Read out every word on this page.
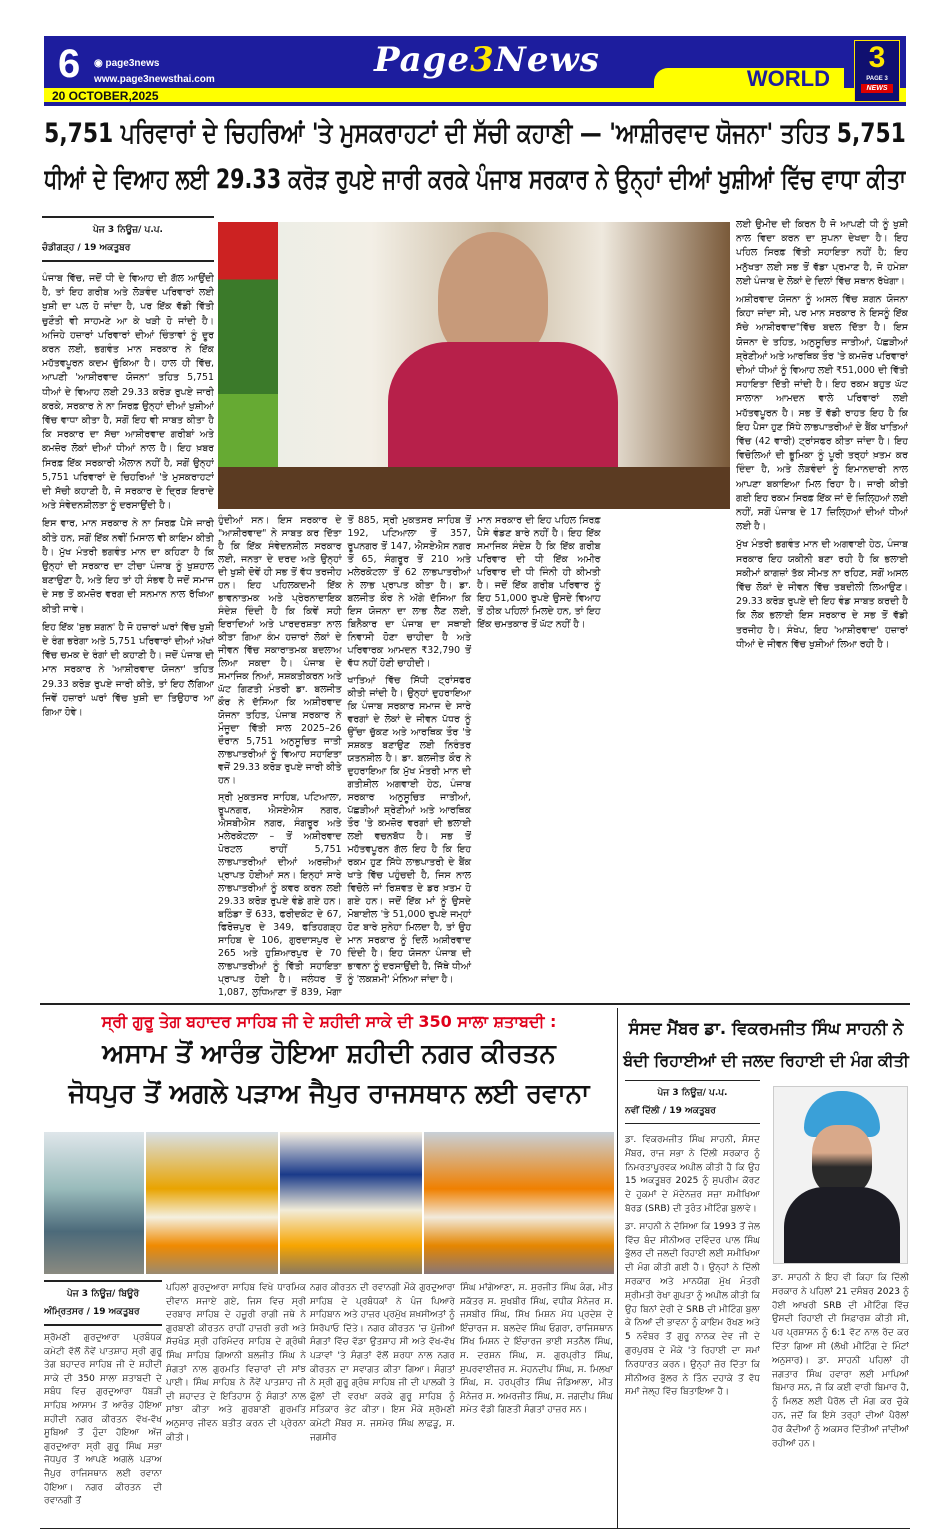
6 ◉ page3news
www.page3newsthai.com
20 OCTOBER,2025
Page3News	WORLD
3
PAGE 3
NEWS
5,751 ਪਰਿਵਾਰਾਂ ਦੇ ਚਿਹਰਿਆਂ 'ਤੇ ਮੁਸਕਰਾਹਟਾਂ ਦੀ ਸੱਚੀ ਕਹਾਣੀ — 'ਆਸ਼ੀਰਵਾਦ ਯੋਜਨਾ' ਤਹਿਤ 5,751
ਧੀਆਂ ਦੇ ਵਿਆਹ ਲਈ 29.33 ਕਰੋੜ ਰੁਪਏ ਜਾਰੀ ਕਰਕੇ ਪੰਜਾਬ ਸਰਕਾਰ ਨੇ ਉਨ੍ਹਾਂ ਦੀਆਂ ਖੁਸ਼ੀਆਂ ਵਿੱਚ ਵਾਧਾ ਕੀਤਾ
ਪੇਜ 3 ਨਿਊਜ਼/ ਪ.ਪ.
ਚੰਡੀਗੜ੍ਹ / 19 ਅਕਤੂਬਰ

ਪੰਜਾਬ ਵਿੱਚ, ਜਦੋਂ ਧੀ ਦੇ ਵਿਆਹ ਦੀ ਗੱਲ ਆਉਂਦੀ ਹੈ, ਤਾਂ ਇਹ ਗਰੀਬ ਅਤੇ ਲੋੜਵੰਦ ਪਰਿਵਾਰਾਂ ਲਈ ਖੁਸ਼ੀ ਦਾ ਪਲ ਹੋ ਜਾਂਦਾ ਹੈ, ਪਰ ਇੱਕ ਵੱਡੀ ਵਿੱਤੀ ਚੁਣੌਤੀ ਵੀ ਸਾਹਮਣੇ ਆ ਕੇ ਖੜੀ ਹੋ ਜਾਂਦੀ ਹੈ। ਅਜਿਹੇ ਹਜ਼ਾਰਾਂ ਪਰਿਵਾਰਾਂ ਦੀਆਂ ਚਿੰਤਾਵਾਂ ਨੂੰ ਦੂਰ ਕਰਨ ਲਈ, ਭਗਵੰਤ ਮਾਨ ਸਰਕਾਰ ਨੇ ਇੱਕ ਮਹੱਤਵਪੂਰਨ ਕਦਮ ਚੁੱਕਿਆ ਹੈ। ਹਾਲ ਹੀ ਵਿੱਚ, ਆਪਣੀ 'ਆਸ਼ੀਰਵਾਦ ਯੋਜਨਾ' ਤਹਿਤ 5,751 ਧੀਆਂ ਦੇ ਵਿਆਹ ਲਈ 29.33 ਕਰੋੜ ਰੁਪਏ ਜਾਰੀ ਕਰਕੇ, ਸਰਕਾਰ ਨੇ ਨਾ ਸਿਰਫ਼ ਉਨ੍ਹਾਂ ਦੀਆਂ ਖੁਸ਼ੀਆਂ ਵਿੱਚ ਵਾਧਾ ਕੀਤਾ ਹੈ, ਸਗੋਂ ਇਹ ਵੀ ਸਾਬਤ ਕੀਤਾ ਹੈ ਕਿ ਸਰਕਾਰ ਦਾ ਸੱਚਾ ਆਸ਼ੀਰਵਾਦ ਗਰੀਬਾਂ ਅਤੇ ਕਮਜ਼ੋਰ ਲੋਕਾਂ ਦੀਆਂ ਧੀਆਂ ਨਾਲ ਹੈ। ਇਹ ਖ਼ਬਰ ਸਿਰਫ਼ ਇੱਕ ਸਰਕਾਰੀ ਐਲਾਨ ਨਹੀਂ ਹੈ, ਸਗੋਂ ਉਨ੍ਹਾਂ 5,751 ਪਰਿਵਾਰਾਂ ਦੇ ਚਿਹਰਿਆਂ 'ਤੇ ਮੁਸਕਰਾਹਟਾਂ ਦੀ ਸੱਚੀ ਕਹਾਣੀ ਹੈ, ਜੋ ਸਰਕਾਰ ਦੇ ਦ੍ਰਿੜ ਇਰਾਦੇ ਅਤੇ ਸੰਵੇਦਨਸ਼ੀਲਤਾ ਨੂੰ ਦਰਸਾਉਂਦੀ ਹੈ।

ਇਸ ਵਾਰ, ਮਾਨ ਸਰਕਾਰ ਨੇ ਨਾ ਸਿਰਫ਼ ਪੈਸੇ ਜਾਰੀ ਕੀਤੇ ਹਨ, ਸਗੋਂ ਇੱਕ ਨਵੀਂ ਮਿਸਾਲ ਵੀ ਕਾਇਮ ਕੀਤੀ ਹੈ। ਮੁੱਖ ਮੰਤਰੀ ਭਗਵੰਤ ਮਾਨ ਦਾ ਕਹਿਣਾ ਹੈ ਕਿ ਉਨ੍ਹਾਂ ਦੀ ਸਰਕਾਰ ਦਾ ਟੀਚਾ ਪੰਜਾਬ ਨੂੰ ਖੁਸ਼ਹਾਲ ਬਣਾਉਣਾ ਹੈ, ਅਤੇ ਇਹ ਤਾਂ ਹੀ ਸੰਭਵ ਹੈ ਜਦੋਂ ਸਮਾਜ ਦੇ ਸਭ ਤੋਂ ਕਮਜ਼ੋਰ ਵਰਗ ਦੀ ਸਨਮਾਨ ਨਾਲ ਰੱਖਿਆ ਕੀਤੀ ਜਾਵੇ।

ਇਹ ਇੱਕ 'ਸ਼ੁਭ ਸ਼ਗਨ' ਹੈ ਜੋ ਹਜ਼ਾਰਾਂ ਘਰਾਂ ਵਿੱਚ ਖੁਸ਼ੀ ਦੇ ਰੰਗ ਭਰੇਗਾ ਅਤੇ 5,751 ਪਰਿਵਾਰਾਂ ਦੀਆਂ ਅੱਖਾਂ ਵਿੱਚ ਚਮਕ ਦੇ ਰੰਗਾਂ ਦੀ ਕਹਾਣੀ ਹੈ। ਜਦੋਂ ਪੰਜਾਬ ਦੀ ਮਾਨ ਸਰਕਾਰ ਨੇ 'ਆਸ਼ੀਰਵਾਦ ਯੋਜਨਾ' ਤਹਿਤ 29.33 ਕਰੋੜ ਰੁਪਏ ਜਾਰੀ ਕੀਤੇ, ਤਾਂ ਇਹ ਲੱਗਿਆ ਜਿਵੇਂ ਹਜ਼ਾਰਾਂ ਘਰਾਂ ਵਿੱਚ ਖੁਸ਼ੀ ਦਾ ਤਿਉਹਾਰ ਆ ਗਿਆ ਹੋਵੇ।

ਹੁੰਦੀਆਂ ਸਨ। ਇਸ ਸਰਕਾਰ ਦੇ "ਆਸ਼ੀਰਵਾਦ" ਨੇ ਸਾਬਤ ਕਰ ਦਿੱਤਾ ਹੈ ਕਿ ਇੱਕ ਸੰਵੇਦਨਸ਼ੀਲ ਸਰਕਾਰ ਲਈ, ਜਨਤਾ ਦੇ ਦਰਦ ਅਤੇ ਉਨ੍ਹਾਂ ਦੀ ਖੁਸ਼ੀ ਦੋਵੇਂ ਹੀ ਸਭ ਤੋਂ ਵੱਧ ਤਰਜੀਹ ਹਨ। ਇਹ ਪਹਿਲਕਦਮੀ ਇੱਕ ਭਾਵਨਾਤਮਕ ਅਤੇ ਪ੍ਰੇਰਨਾਦਾਇਕ ਸੰਦੇਸ਼ ਦਿੰਦੀ ਹੈ ਕਿ ਕਿਵੇਂ ਸਹੀ ਇਰਾਦਿਆਂ ਅਤੇ ਪਾਰਦਰਸ਼ਤਾ ਨਾਲ ਕੀਤਾ ਗਿਆ ਕੰਮ ਹਜ਼ਾਰਾਂ ਲੋਕਾਂ ਦੇ ਜੀਵਨ ਵਿੱਚ ਸਕਾਰਾਤਮਕ ਬਦਲਾਅ ਲਿਆ ਸਕਦਾ ਹੈ। ਪੰਜਾਬ ਦੇ ਸਮਾਜਿਕ ਨਿਆਂ, ਸਸ਼ਕਤੀਕਰਨ ਅਤੇ ਘੱਟ ਗਿਣਤੀ ਮੰਤਰੀ ਡਾ. ਬਲਜੀਤ ਕੌਰ ਨੇ ਦੱਸਿਆ ਕਿ ਅਸ਼ੀਰਵਾਦ ਯੋਜਨਾ ਤਹਿਤ, ਪੰਜਾਬ ਸਰਕਾਰ ਨੇ ਮੌਜੂਦਾ ਵਿੱਤੀ ਸਾਲ 2025–26 ਦੌਰਾਨ 5,751 ਅਨੁਸੂਚਿਤ ਜਾਤੀ ਲਾਭਪਾਤਰੀਆਂ ਨੂੰ ਵਿਆਹ ਸਹਾਇਤਾ ਵਜੋਂ 29.33 ਕਰੋੜ ਰੁਪਏ ਜਾਰੀ ਕੀਤੇ ਹਨ।

ਸ੍ਰੀ ਮੁਕਤਸਰ ਸਾਹਿਬ, ਪਟਿਆਲਾ, ਰੂਪਨਗਰ, ਐਸਏਐਸ ਨਗਰ, ਐਸਬੀਐਸ ਨਗਰ, ਸੰਗਰੂਰ ਅਤੇ ਮਲੇਰਕੋਟਲਾ – ਤੋਂ ਅਸ਼ੀਰਵਾਦ ਪੋਰਟਲ ਰਾਹੀਂ 5,751 ਲਾਭਪਾਤਰੀਆਂ ਦੀਆਂ ਅਰਜ਼ੀਆਂ ਪ੍ਰਾਪਤ ਹੋਈਆਂ ਸਨ। ਇਨ੍ਹਾਂ ਸਾਰੇ ਲਾਭਪਾਤਰੀਆਂ ਨੂੰ ਕਵਰ ਕਰਨ ਲਈ 29.33 ਕਰੋੜ ਰੁਪਏ ਵੰਡੇ ਗਏ ਹਨ। ਬਠਿੰਡਾ ਤੋਂ 633, ਫਰੀਦਕੋਟ ਦੇ 67, ਫਿਰੋਜ਼ਪੁਰ ਦੇ 349, ਫਤਿਹਗੜ੍ਹ ਸਾਹਿਬ ਦੇ 106, ਗੁਰਦਾਸਪੁਰ ਦੇ 265 ਅਤੇ ਹੁਸ਼ਿਆਰਪੁਰ ਦੇ 70 ਲਾਭਪਾਤਰੀਆਂ ਨੂੰ ਵਿੱਤੀ ਸਹਾਇਤਾ ਪ੍ਰਾਪਤ ਹੋਈ ਹੈ। ਜਲੰਧਰ ਤੋਂ 1,087, ਲੁਧਿਆਣਾ ਤੋਂ 839, ਮੋਗਾ ਤੋਂ 885, ਸ੍ਰੀ ਮੁਕਤਸਰ ਸਾਹਿਬ ਤੋਂ 192, ਪਟਿਆਲਾ ਤੋਂ 357, ਰੂਪਨਗਰ ਤੋਂ 147, ਐਸਏਐਸ ਨਗਰ ਤੋਂ 65, ਸੰਗਰੂਰ ਤੋਂ 210 ਅਤੇ ਮਲੇਰਕੋਟਲਾ ਤੋਂ 62 ਲਾਭਪਾਤਰੀਆਂ ਨੇ ਲਾਭ ਪ੍ਰਾਪਤ ਕੀਤਾ ਹੈ। ਡਾ. ਬਲਜੀਤ ਕੌਰ ਨੇ ਅੱਗੇ ਦੱਸਿਆ ਕਿ ਇਸ ਯੋਜਨਾ ਦਾ ਲਾਭ ਲੈਣ ਲਈ, ਬਿਨੈਕਾਰ ਦਾ ਪੰਜਾਬ ਦਾ ਸਥਾਈ ਨਿਵਾਸੀ ਹੋਣਾ ਚਾਹੀਦਾ ਹੈ ਅਤੇ ਪਰਿਵਾਰਕ ਆਮਦਨ ₹32,790 ਤੋਂ ਵੱਧ ਨਹੀਂ ਹੋਣੀ ਚਾਹੀਦੀ।

ਖਾਤਿਆਂ ਵਿੱਚ ਸਿੱਧੀ ਟ੍ਰਾਂਸਫਰ ਕੀਤੀ ਜਾਂਦੀ ਹੈ। ਉਨ੍ਹਾਂ ਦੁਹਰਾਇਆ ਕਿ ਪੰਜਾਬ ਸਰਕਾਰ ਸਮਾਜ ਦੇ ਸਾਰੇ ਵਰਗਾਂ ਦੇ ਲੋਕਾਂ ਦੇ ਜੀਵਨ ਪੱਧਰ ਨੂੰ ਉੱਚਾ ਚੁੱਕਣ ਅਤੇ ਆਰਥਿਕ ਤੌਰ 'ਤੇ ਸਸ਼ਕਤ ਬਣਾਉਣ ਲਈ ਨਿਰੰਤਰ ਯਤਨਸ਼ੀਲ ਹੈ। ਡਾ. ਬਲਜੀਤ ਕੌਰ ਨੇ ਦੁਹਰਾਇਆ ਕਿ ਮੁੱਖ ਮੰਤਰੀ ਮਾਨ ਦੀ ਗਤੀਸ਼ੀਲ ਅਗਵਾਈ ਹੇਠ, ਪੰਜਾਬ ਸਰਕਾਰ ਅਨੁਸੂਚਿਤ ਜਾਤੀਆਂ, ਪੱਛੜੀਆਂ ਸ਼੍ਰੇਣੀਆਂ ਅਤੇ ਆਰਥਿਕ ਤੌਰ 'ਤੇ ਕਮਜ਼ੋਰ ਵਰਗਾਂ ਦੀ ਭਲਾਈ ਲਈ ਵਚਨਬੱਧ ਹੈ। ਸਭ ਤੋਂ ਮਹੱਤਵਪੂਰਨ ਗੱਲ ਇਹ ਹੈ ਕਿ ਇਹ ਰਕਮ ਹੁਣ ਸਿੱਧੇ ਲਾਭਪਾਤਰੀ ਦੇ ਬੈਂਕ ਖਾਤੇ ਵਿੱਚ ਪਹੁੰਚਦੀ ਹੈ, ਜਿਸ ਨਾਲ ਵਿਚੋਲੇ ਜਾਂ ਰਿਸ਼ਵਤ ਦੇ ਡਰ ਖ਼ਤਮ ਹੋ ਗਏ ਹਨ। ਜਦੋਂ ਇੱਕ ਮਾਂ ਨੂੰ ਉਸਦੇ ਮੋਬਾਈਲ 'ਤੇ 51,000 ਰੁਪਏ ਜਮ੍ਹਾਂ ਹੋਣ ਬਾਰੇ ਸੁਨੇਹਾ ਮਿਲਦਾ ਹੈ, ਤਾਂ ਉਹ ਮਾਨ ਸਰਕਾਰ ਨੂੰ ਦਿਲੋਂ ਅਸ਼ੀਰਵਾਦ ਦਿੰਦੀ ਹੈ। ਇਹ ਯੋਜਨਾ ਪੰਜਾਬ ਦੀ ਭਾਵਨਾ ਨੂੰ ਦਰਸਾਉਂਦੀ ਹੈ, ਜਿੱਥੇ ਧੀਆਂ ਨੂੰ 'ਲਕਸ਼ਮੀ' ਮੰਨਿਆ ਜਾਂਦਾ ਹੈ।

ਮਾਨ ਸਰਕਾਰ ਦੀ ਇਹ ਪਹਿਲ ਸਿਰਫ਼ ਪੈਸੇ ਵੰਡਣ ਬਾਰੇ ਨਹੀਂ ਹੈ। ਇਹ ਇੱਕ ਸਮਾਜਿਕ ਸੰਦੇਸ਼ ਹੈ ਕਿ ਇੱਕ ਗਰੀਬ ਪਰਿਵਾਰ ਦੀ ਧੀ ਇੱਕ ਅਮੀਰ ਪਰਿਵਾਰ ਦੀ ਧੀ ਜਿੰਨੀ ਹੀ ਕੀਮਤੀ ਹੈ। ਜਦੋਂ ਇੱਕ ਗਰੀਬ ਪਰਿਵਾਰ ਨੂੰ ਇਹ 51,000 ਰੁਪਏ ਉਸਦੇ ਵਿਆਹ ਤੋਂ ਠੀਕ ਪਹਿਲਾਂ ਮਿਲਦੇ ਹਨ, ਤਾਂ ਇਹ ਇੱਕ ਚਮਤਕਾਰ ਤੋਂ ਘੱਟ ਨਹੀਂ ਹੈ।

ਲਈ ਉਮੀਦ ਦੀ ਕਿਰਨ ਹੈ ਜੋ ਆਪਣੀ ਧੀ ਨੂੰ ਖੁਸ਼ੀ ਨਾਲ ਵਿਦਾ ਕਰਨ ਦਾ ਸੁਪਨਾ ਦੇਖਦਾ ਹੈ। ਇਹ ਪਹਿਲ ਸਿਰਫ਼ ਵਿੱਤੀ ਸਹਾਇਤਾ ਨਹੀਂ ਹੈ; ਇਹ ਮਨੁੱਖਤਾ ਲਈ ਸਭ ਤੋਂ ਵੱਡਾ ਪ੍ਰਮਾਣ ਹੈ, ਜੋ ਹਮੇਸ਼ਾ ਲਈ ਪੰਜਾਬ ਦੇ ਲੋਕਾਂ ਦੇ ਦਿਲਾਂ ਵਿੱਚ ਸਥਾਨ ਰੱਖੇਗਾ।

ਅਸ਼ੀਰਵਾਦ ਯੋਜਨਾ ਨੂੰ ਅਸਲ ਵਿੱਚ ਸ਼ਗਨ ਯੋਜਨਾ ਕਿਹਾ ਜਾਂਦਾ ਸੀ, ਪਰ ਮਾਨ ਸਰਕਾਰ ਨੇ ਇਸਨੂੰ ਇੱਕ ਸੱਚੇ ਆਸ਼ੀਰਵਾਦ"ਵਿੱਚ ਬਦਲ ਦਿੱਤਾ ਹੈ। ਇਸ ਯੋਜਨਾ ਦੇ ਤਹਿਤ, ਅਨੁਸੂਚਿਤ ਜਾਤੀਆਂ, ਪੱਛੜੀਆਂ ਸ਼੍ਰੇਣੀਆਂ ਅਤੇ ਆਰਥਿਕ ਤੌਰ 'ਤੇ ਕਮਜ਼ੋਰ ਪਰਿਵਾਰਾਂ ਦੀਆਂ ਧੀਆਂ ਨੂੰ ਵਿਆਹ ਲਈ ₹51,000 ਦੀ ਵਿੱਤੀ ਸਹਾਇਤਾ ਦਿੱਤੀ ਜਾਂਦੀ ਹੈ। ਇਹ ਰਕਮ ਬਹੁਤ ਘੱਟ ਸਾਲਾਨਾ ਆਮਦਨ ਵਾਲੇ ਪਰਿਵਾਰਾਂ ਲਈ ਮਹੱਤਵਪੂਰਨ ਹੈ। ਸਭ ਤੋਂ ਵੱਡੀ ਰਾਹਤ ਇਹ ਹੈ ਕਿ ਇਹ ਪੈਸਾ ਹੁਣ ਸਿੱਧੇ ਲਾਭਪਾਤਰੀਆਂ ਦੇ ਬੈਂਕ ਖਾਤਿਆਂ ਵਿੱਚ (42 ਵਾਰੀ) ਟ੍ਰਾਂਸਫਰ ਕੀਤਾ ਜਾਂਦਾ ਹੈ। ਇਹ ਵਿਚੋਲਿਆਂ ਦੀ ਭੂਮਿਕਾ ਨੂੰ ਪੂਰੀ ਤਰ੍ਹਾਂ ਖ਼ਤਮ ਕਰ ਦਿੰਦਾ ਹੈ, ਅਤੇ ਲੋੜਵੰਦਾਂ ਨੂੰ ਇਮਾਨਦਾਰੀ ਨਾਲ ਆਪਣਾ ਬਕਾਇਆ ਮਿਲ ਰਿਹਾ ਹੈ। ਜਾਰੀ ਕੀਤੀ ਗਈ ਇਹ ਰਕਮ ਸਿਰਫ਼ ਇੱਕ ਜਾਂ ਦੋ ਜ਼ਿਲ੍ਹਿਆਂ ਲਈ ਨਹੀਂ, ਸਗੋਂ ਪੰਜਾਬ ਦੇ 17 ਜ਼ਿਲ੍ਹਿਆਂ ਦੀਆਂ ਧੀਆਂ ਲਈ ਹੈ।

ਮੁੱਖ ਮੰਤਰੀ ਭਗਵੰਤ ਮਾਨ ਦੀ ਅਗਵਾਈ ਹੇਠ, ਪੰਜਾਬ ਸਰਕਾਰ ਇਹ ਯਕੀਨੀ ਬਣਾ ਰਹੀ ਹੈ ਕਿ ਭਲਾਈ ਸਕੀਮਾਂ ਕਾਗਜ਼ਾਂ ਤੱਕ ਸੀਮਤ ਨਾ ਰਹਿਣ, ਸਗੋਂ ਅਸਲ ਵਿੱਚ ਲੋਕਾਂ ਦੇ ਜੀਵਨ ਵਿੱਚ ਤਬਦੀਲੀ ਲਿਆਉਣ। 29.33 ਕਰੋੜ ਰੁਪਏ ਦੀ ਇਹ ਵੰਡ ਸਾਬਤ ਕਰਦੀ ਹੈ ਕਿ ਲੋਕ ਭਲਾਈ ਇਸ ਸਰਕਾਰ ਦੇ ਸਭ ਤੋਂ ਵੱਡੀ ਤਰਜੀਹ ਹੈ। ਸੰਖੇਪ, ਇਹ 'ਆਸ਼ੀਰਵਾਦ' ਹਜ਼ਾਰਾਂ ਧੀਆਂ ਦੇ ਜੀਵਨ ਵਿੱਚ ਖੁਸ਼ੀਆਂ ਲਿਆ ਰਹੀ ਹੈ।

ਸ੍ਰੀ ਗੁਰੂ ਤੇਗ ਬਹਾਦਰ ਸਾਹਿਬ ਜੀ ਦੇ ਸ਼ਹੀਦੀ ਸਾਕੇ ਦੀ 350 ਸਾਲਾ ਸ਼ਤਾਬਦੀ :
ਅਸਾਮ ਤੋਂ ਆਰੰਭ ਹੋਇਆ ਸ਼ਹੀਦੀ ਨਗਰ ਕੀਰਤਨ
ਜੋਧਪੁਰ ਤੋਂ ਅਗਲੇ ਪੜਾਅ ਜੈਪੁਰ ਰਾਜਸਥਾਨ ਲਈ ਰਵਾਨਾ
ਪੇਜ 3 ਨਿਊਜ਼/ ਬਿਊਰੋ
ਅੰਮ੍ਰਿਤਸਰ / 19 ਅਕਤੂਬਰ

ਸ਼੍ਰੋਮਣੀ ਗੁਰਦੁਆਰਾ ਪ੍ਰਬੰਧਕ ਕਮੇਟੀ ਵੱਲੋਂ ਨੌਵੇਂ ਪਾਤਸ਼ਾਹ ਸ੍ਰੀ ਗੁਰੂ ਤੇਗ ਬਹਾਦਰ ਸਾਹਿਬ ਜੀ ਦੇ ਸ਼ਹੀਦੀ ਸਾਕੇ ਦੀ 350 ਸਾਲਾ ਸ਼ਤਾਬਦੀ ਦੇ ਸਬੰਧ ਵਿਚ ਗੁਰਦੁਆਰਾ ਧੋਬੜੀ ਸਾਹਿਬ ਆਸਾਮ ਤੋਂ ਆਰੰਭ ਹੋਇਆ ਸ਼ਹੀਦੀ ਨਗਰ ਕੀਰਤਨ ਵੱਖ-ਵੱਖ ਸੂਬਿਆਂ ਤੋਂ ਹੁੰਦਾ ਹੋਇਆ ਅੱਜ ਗੁਰਦੁਆਰਾ ਸ੍ਰੀ ਗੁਰੂ ਸਿੰਘ ਸਭਾ ਜੋਧਪੁਰ ਤੋਂ ਆਪਣੇ ਅਗਲੇ ਪੜਾਅ ਜੈਪੁਰ ਰਾਜਿਸਥਾਨ ਲਈ ਰਵਾਨਾ ਹੋਇਆ। ਨਗਰ ਕੀਰਤਨ ਦੀ ਰਵਾਨਗੀ ਤੋਂ

ਪਹਿਲਾਂ ਗੁਰਦੁਆਰਾ ਸਾਹਿਬ ਵਿਖੇ ਧਾਰਮਿਕ ਦੀਵਾਨ ਸਜਾਏ ਗਏ, ਜਿਸ ਵਿਚ ਸ੍ਰੀ ਦਰਬਾਰ ਸਾਹਿਬ ਦੇ ਹਜ਼ੂਰੀ ਰਾਗੀ ਜਥੇ ਨੇ ਗੁਰਬਾਣੀ ਕੀਰਤਨ ਰਾਹੀਂ ਹਾਜ਼ਰੀ ਭਰੀ ਅਤੇ ਸੱਚਖੰਡ ਸ੍ਰੀ ਹਰਿਮੰਦਰ ਸਾਹਿਬ ਦੇ ਗ੍ਰੰਥੀ ਸਿੰਘ ਸਾਹਿਬ ਗਿਆਨੀ ਬਲਜੀਤ ਸਿੰਘ ਨੇ ਸੰਗਤਾਂ ਨਾਲ ਗੁਰਮਤਿ ਵਿਚਾਰਾਂ ਦੀ ਸਾਂਝ ਪਾਈ। ਸਿੰਘ ਸਾਹਿਬ ਨੇ ਨੌਵੇਂ ਪਾਤਸ਼ਾਹ ਜੀ ਦੀ ਸ਼ਹਾਦਤ ਦੇ ਇਤਿਹਾਸ ਨੂੰ ਸੰਗਤਾਂ ਨਾਲ ਸਾਂਝਾ ਕੀਤਾ ਅਤੇ ਗੁਰਬਾਣੀ ਗੁਰਮਤਿ ਅਨੁਸਾਰ ਜੀਵਨ ਬਤੀਤ ਕਰਨ ਦੀ ਪ੍ਰੇਰਨਾ ਕੀਤੀ।

ਨਗਰ ਕੀਰਤਨ ਦੀ ਰਵਾਨਗੀ ਮੌਕੇ ਗੁਰਦੁਆਰਾ ਸਾਹਿਬ ਦੇ ਪ੍ਰਬੰਧਕਾਂ ਨੇ ਪੰਜ ਪਿਆਰੇ ਸਾਹਿਬਾਨ ਅਤੇ ਹਾਜ਼ਰ ਪ੍ਰਮੁੱਖ ਸ਼ਖ਼ਸੀਅਤਾਂ ਨੂੰ ਸਿਰੋਪਾਓ ਦਿੱਤੇ। ਨਗਰ ਕੀਰਤਨ 'ਚ ਪੁੱਜੀਆਂ ਸੰਗਤਾਂ ਵਿੱਚ ਵੱਡਾ ਉਤਸ਼ਾਹ ਸੀ ਅਤੇ ਵੱਖ-ਵੱਖ ਪੜਾਵਾਂ 'ਤੇ ਸੰਗਤਾਂ ਵੱਲੋਂ ਸ਼ਰਧਾ ਨਾਲ ਨਗਰ ਕੀਰਤਨ ਦਾ ਸਵਾਗਤ ਕੀਤਾ ਗਿਆ। ਸੰਗਤਾਂ ਨੇ ਸ੍ਰੀ ਗੁਰੂ ਗ੍ਰੰਥ ਸਾਹਿਬ ਜੀ ਦੀ ਪਾਲਕੀ ਤੇ ਫੁੱਲਾਂ ਦੀ ਵਰਖਾ ਕਰਕੇ ਗੁਰੂ ਸਾਹਿਬ ਨੂੰ ਸਤਿਕਾਰ ਭੇਟ ਕੀਤਾ। ਇਸ ਮੌਕੇ ਸ਼੍ਰੋਮਣੀ ਕਮੇਟੀ ਮੈਂਬਰ ਸ. ਜਸਮੇਰ ਸਿੰਘ ਲਾਛੜੂ, ਸ. ਜਗਸੀਰ

ਸਿੰਘ ਮਾਂਗੇਆਣਾ, ਸ. ਸੁਰਜੀਤ ਸਿੰਘ ਕੰਗ, ਮੀਤ ਸਕੱਤਰ ਸ. ਸੁਖਬੀਰ ਸਿੰਘ, ਵਧੀਕ ਮੈਨੇਜਰ ਸ. ਜਸਬੀਰ ਸਿੰਘ, ਸਿੱਖ ਮਿਸ਼ਨ ਮੱਧ ਪ੍ਰਦੇਸ਼ ਦੇ ਇੰਚਾਰਜ ਸ. ਬਲਦੇਵ ਸਿੰਘ ਓਗਰਾ, ਰਾਜਿਸਥਾਨ ਸਿੱਖ ਮਿਸ਼ਨ ਦੇ ਇੰਚਾਰਜ ਭਾਈ ਸਤਨੈਲ ਸਿੰਘ, ਸ. ਦਰਸ਼ਨ ਸਿੰਘ, ਸ. ਗੁਰਪ੍ਰੀਤ ਸਿੰਘ, ਸੁਪਰਵਾਈਜ਼ਰ ਸ. ਮੋਹਨਦੀਪ ਸਿੰਘ, ਸ. ਮਿਲਖਾ ਸਿੰਘ, ਸ. ਹਰਪ੍ਰੀਤ ਸਿੰਘ ਜੰਡਿਆਲਾ, ਮੀਤ ਮੈਨੇਜਰ ਸ. ਅਮਰਜੀਤ ਸਿੰਘ, ਸ. ਜਗਦੀਪ ਸਿੰਘ ਸਮੇਤ ਵੱਡੀ ਗਿਣਤੀ ਸੰਗਤਾਂ ਹਾਜ਼ਰ ਸਨ।

ਸੰਸਦ ਮੈਂਬਰ ਡਾ. ਵਿਕਰਮਜੀਤ ਸਿੰਘ ਸਾਹਨੀ ਨੇ
ਬੰਦੀ ਰਿਹਾਈਆਂ ਦੀ ਜਲਦ ਰਿਹਾਈ ਦੀ ਮੰਗ ਕੀਤੀ
ਪੇਜ 3 ਨਿਊਜ਼/ ਪ.ਪ.
ਨਵੀਂ ਦਿੱਲੀ / 19 ਅਕਤੂਬਰ

ਡਾ. ਵਿਕਰਮਜੀਤ ਸਿੰਘ ਸਾਹਨੀ, ਸੰਸਦ ਮੈਂਬਰ, ਰਾਜ ਸਭਾ ਨੇ ਦਿੱਲੀ ਸਰਕਾਰ ਨੂੰ ਨਿਮਰਤਾਪੂਰਵਕ ਅਪੀਲ ਕੀਤੀ ਹੈ ਕਿ ਉਹ 15 ਅਕਤੂਬਰ 2025 ਨੂੰ ਸੁਪਰੀਮ ਕੋਰਟ ਦੇ ਹੁਕਮਾਂ ਦੇ ਮੱਦੇਨਜ਼ਰ ਸਜ਼ਾ ਸਮੀਖਿਆ ਬੋਰਡ (SRB) ਦੀ ਤੁਰੰਤ ਮੀਟਿੰਗ ਬੁਲਾਵੇ।

ਡਾ. ਸਾਹਨੀ ਨੇ ਦੱਸਿਆ ਕਿ 1993 ਤੋਂ ਜੇਲ ਵਿੱਚ ਬੰਦ ਸੀਨੀਅਰ ਦਵਿੰਦਰ ਪਾਲ ਸਿੰਘ ਭੁੱਲਰ ਦੀ ਜਲਦੀ ਰਿਹਾਈ ਲਈ ਸਮੀਖਿਆ ਦੀ ਮੰਗ ਕੀਤੀ ਗਈ ਹੈ। ਉਨ੍ਹਾਂ ਨੇ ਦਿੱਲੀ ਸਰਕਾਰ ਅਤੇ ਮਾਨਯੋਗ ਮੁੱਖ ਮੰਤਰੀ ਸ਼੍ਰੀਮਤੀ ਰੇਖਾ ਗੁਪਤਾ ਨੂੰ ਅਪੀਲ ਕੀਤੀ ਕਿ ਉਹ ਬਿਨਾਂ ਦੇਰੀ ਦੇ SRB ਦੀ ਮੀਟਿੰਗ ਬੁਲਾ ਕੇ ਨਿਆਂ ਦੀ ਭਾਵਨਾ ਨੂੰ ਕਾਇਮ ਰੱਖਣ ਅਤੇ 5 ਨਵੰਬਰ ਤੋਂ ਗੁਰੂ ਨਾਨਕ ਦੇਵ ਜੀ ਦੇ ਗੁਰਪੁਰਬ ਦੇ ਮੌਕੇ 'ਤੇ ਰਿਹਾਈ ਦਾ ਸਮਾਂ ਨਿਰਧਾਰਤ ਕਰਨ। ਉਨ੍ਹਾਂ ਜ਼ੋਰ ਦਿੱਤਾ ਕਿ ਸੀਨੀਅਰ ਭੁੱਲਰ ਨੇ ਤਿੰਨ ਦਹਾਕੇ ਤੋਂ ਵੱਧ ਸਮਾਂ ਜੇਲ੍ਹ ਵਿੱਚ ਬਿਤਾਇਆ ਹੈ।

ਡਾ. ਸਾਹਨੀ ਨੇ ਇਹ ਵੀ ਕਿਹਾ ਕਿ ਦਿੱਲੀ ਸਰਕਾਰ ਨੇ ਪਹਿਲਾਂ 21 ਦਸੰਬਰ 2023 ਨੂੰ ਹੋਈ ਆਖਰੀ SRB ਦੀ ਮੀਟਿੰਗ ਵਿੱਚ ਉਸਦੀ ਰਿਹਾਈ ਦੀ ਸਿਫ਼ਾਰਸ਼ ਕੀਤੀ ਸੀ, ਪਰ ਪ੍ਰਸ਼ਾਸਨ ਨੂੰ 6:1 ਵੋਟ ਨਾਲ ਰੱਦ ਕਰ ਦਿੱਤਾ ਗਿਆ ਸੀ (ਲੱਖੀ ਮੀਟਿੰਗ ਦੇ ਮਿੰਟਾਂ ਅਨੁਸਾਰ)। ਡਾ. ਸਾਹਨੀ ਪਹਿਲਾਂ ਹੀ ਜਗਤਾਰ ਸਿੰਘ ਹਵਾਰਾ ਲਈ ਮਾਪਿਆਂ ਬਿਮਾਰ ਸਨ, ਜੋ ਕਿ ਕਈ ਵਾਰੀ ਬਿਮਾਰ ਹੈ, ਨੂੰ ਮਿਲਣ ਲਈ ਪੈਰੋਲ ਦੀ ਮੰਗ ਕਰ ਚੁੱਕੇ ਹਨ, ਜਦੋਂ ਕਿ ਇਸੇ ਤਰ੍ਹਾਂ ਦੀਆਂ ਪੈਰੋਲਾਂ ਹੋਰ ਕੈਦੀਆਂ ਨੂੰ ਅਕਸਰ ਦਿੱਤੀਆਂ ਜਾਂਦੀਆਂ ਰਹੀਆਂ ਹਨ।
